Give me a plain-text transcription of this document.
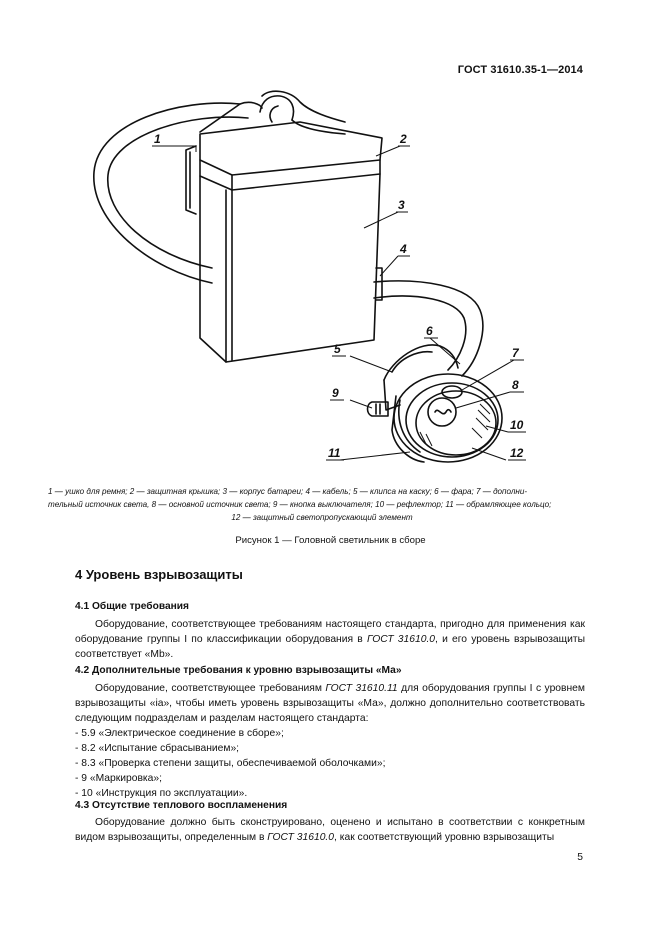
ГОСТ 31610.35-1—2014
1	2
3
4
5
6
7
8
9
10
11	12
1 — ушко для ремня; 2 — защитная крышка; 3 — корпус батареи; 4 — кабель; 5 — клипса на каску; 6 — фара; 7 — дополни-
тельный источник света, 8 — основной источник света; 9 — кнопка выключателя; 10 — рефлектор; 11 — обрамляющее кольцо;
12 — защитный светопропускающий элемент
Рисунок 1 — Головной светильник в сборе
4 Уровень взрывозащиты
4.1 Общие требования
Оборудование, соответствующее требованиям настоящего стандарта, пригодно для применения как оборудование группы I по классификации оборудования в ГОСТ 31610.0, и его уровень взрывозащиты соответствует «Mb».
4.2 Дополнительные требования к уровню взрывозащиты «Ма»
Оборудование, соответствующее требованиям ГОСТ 31610.11 для оборудования группы I с уровнем взрывозащиты «ia», чтобы иметь уровень взрывозащиты «Ма», должно дополнительно соответствовать следующим подразделам и разделам настоящего стандарта:
- 5.9 «Электрическое соединение в сборе»;
- 8.2 «Испытание сбрасыванием»;
- 8.3 «Проверка степени защиты, обеспечиваемой оболочками»;
- 9 «Маркировка»;
- 10 «Инструкция по эксплуатации».
4.3 Отсутствие теплового воспламенения
Оборудование должно быть сконструировано, оценено и испытано в соответствии с конкретным видом взрывозащиты, определенным в ГОСТ 31610.0, как соответствующий уровню взрывозащиты
5
